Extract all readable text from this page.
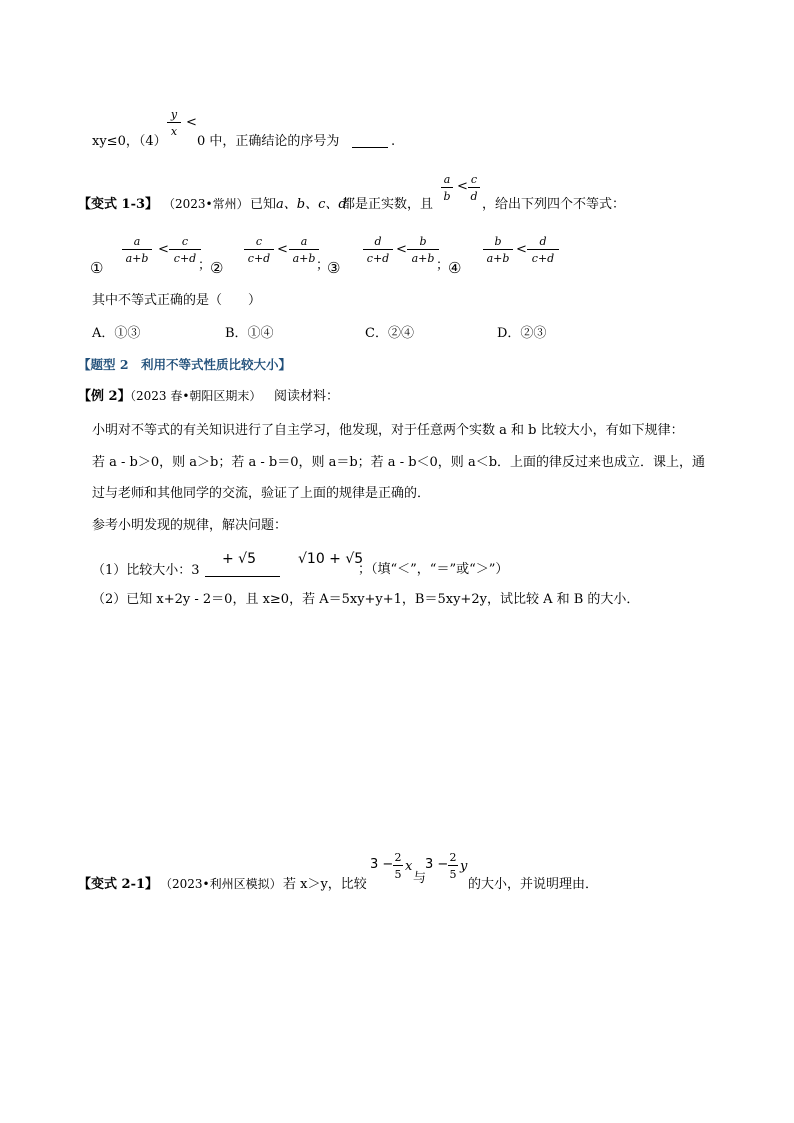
xy≤0，（4）
y
x
<
0 中，正确结论的序号为	.
【变式 1-3】 （2023•常州） 已知 a、b、c、d
都是正实数，且
a
b
< c
d
，给出下列四个不等式：
①
a
a+b
<
c
c+d ；
②
c
c+d
<
a
a+b ；
③
d
c+d
<
b
a+b ；
④
b
a+b
<
d
c+d
其中不等式正确的是（　　）
A．①③	B．①④	C．②④	D．②③
【题型 2　利用不等式性质比较大小】
【例 2】
（2023 春•朝阳区期末） 阅读材料：
小明对不等式的有关知识进行了自主学习，他发现，对于任意两个实数 a 和 b 比较大小，有如下规律：
若 a - b＞0，则 a＞b；若 a - b＝0，则 a＝b；若 a - b＜0，则 a＜b．上面的律反过来也成立．课上，通
过与老师和其他同学的交流，验证了上面的规律是正确的．
参考小明发现的规律，解决问题：
（1）比较大小：3
+ √5	√10 + √5
；（填“＜”，“＝”或“＞”）
（2）已知 x+2y - 2＝0，且 x≥0，若 A＝5xy+y+1，B＝5xy+2y，试比较 A 和 B 的大小．
【变式 2-1】 （2023•利州区模拟） 若 x＞y，比较
3 − 2
5
x
与
3 − 2
5
y
的大小，并说明理由．
